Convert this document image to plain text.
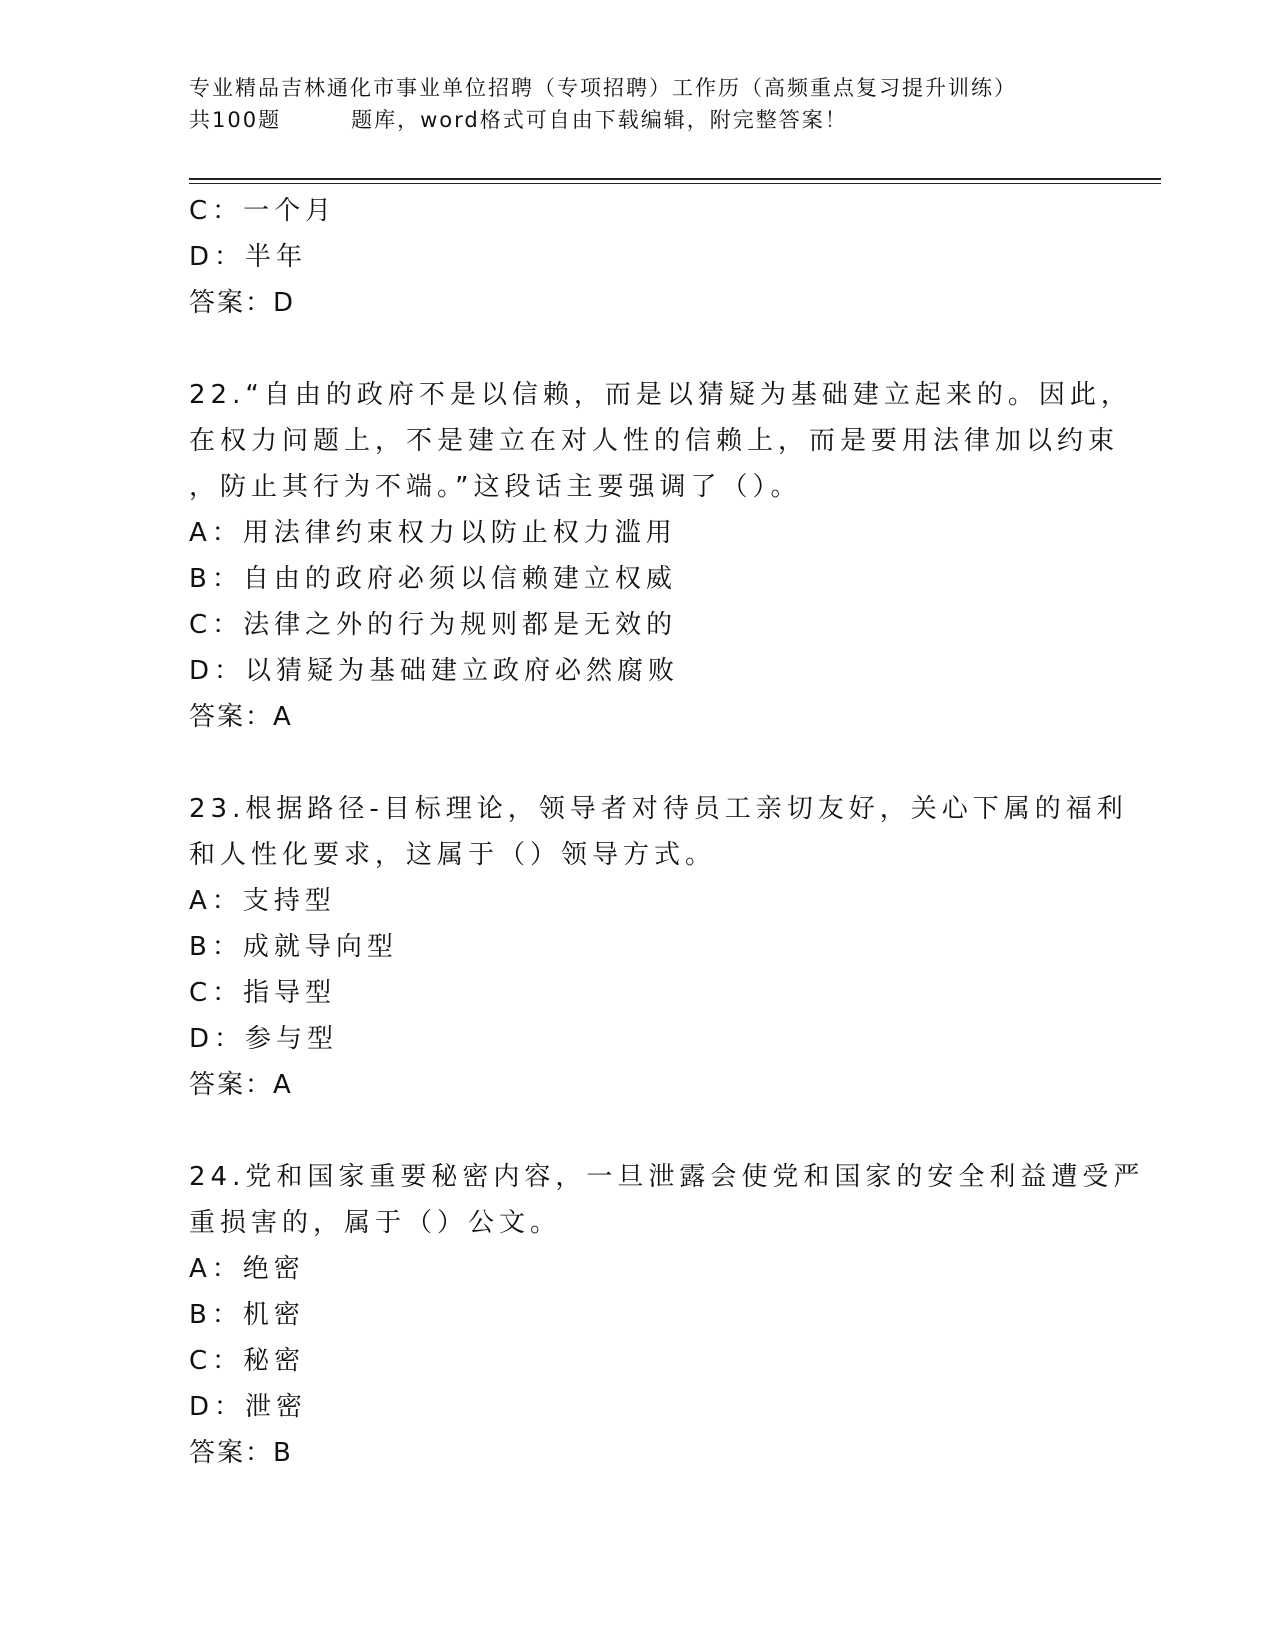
专业精品吉林通化市事业单位招聘（专项招聘）工作历（高频重点复习提升训练）
共100题	题库，word格式可自由下载编辑，附完整答案！
C：一个月
D：半年
答案：D
22.“自由的政府不是以信赖，而是以猜疑为基础建立起来的。因此，
在权力问题上，不是建立在对人性的信赖上，而是要用法律加以约束
，防止其行为不端。”这段话主要强调了（）。
A：用法律约束权力以防止权力滥用
B：自由的政府必须以信赖建立权威
C：法律之外的行为规则都是无效的
D：以猜疑为基础建立政府必然腐败
答案：A
23.根据路径-目标理论，领导者对待员工亲切友好，关心下属的福利
和人性化要求，这属于（）领导方式。
A：支持型
B：成就导向型
C：指导型
D：参与型
答案：A
24.党和国家重要秘密内容，一旦泄露会使党和国家的安全利益遭受严
重损害的，属于（）公文。
A：绝密
B：机密
C：秘密
D：泄密
答案：B
